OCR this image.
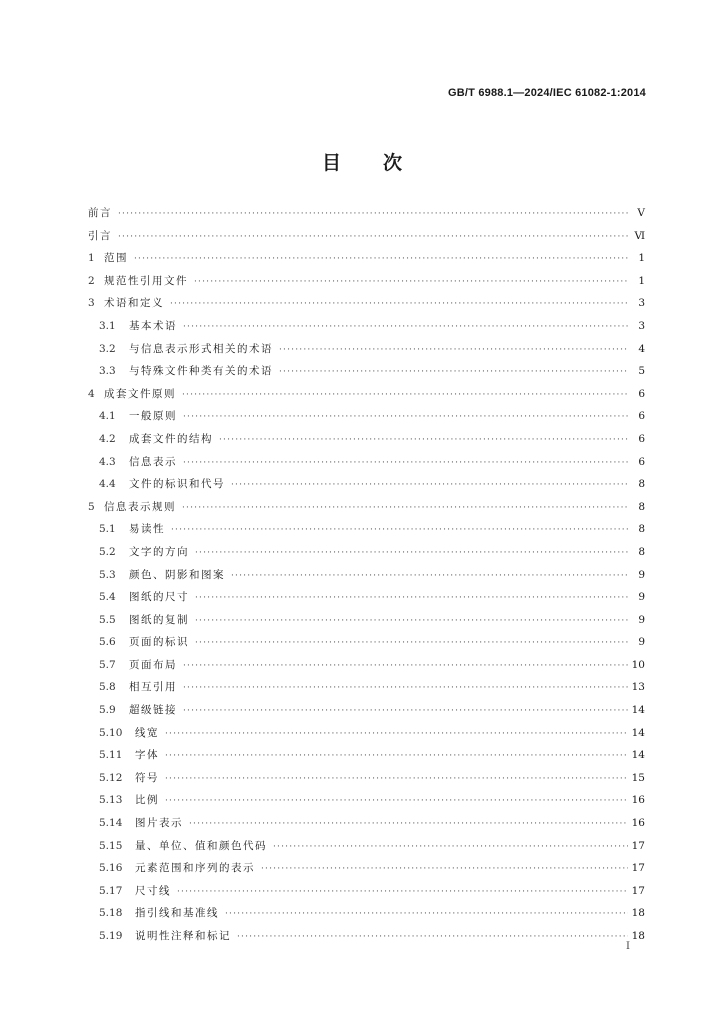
GB/T 6988.1—2024/IEC 61082-1:2014
目 次
前言 ·····	Ⅴ
引言 ·····	Ⅵ
1 范围 ·····	1
2 规范性引用文件 ·····	1
3 术语和定义 ·····	3
3.1	基本术语 ·····	3
3.2	与信息表示形式相关的术语 ·····	4
3.3	与特殊文件种类有关的术语 ·····	5
4 成套文件原则 ·····	6
4.1	一般原则 ·····	6
4.2	成套文件的结构 ·····	6
4.3	信息表示 ·····	6
4.4	文件的标识和代号 ·····	8
5 信息表示规则 ·····	8
5.1	易读性 ·····	8
5.2	文字的方向 ·····	8
5.3	颜色、阴影和图案 ·····	9
5.4	图纸的尺寸 ·····	9
5.5	图纸的复制 ·····	9
5.6	页面的标识 ·····	9
5.7	页面布局 ·····	10
5.8	相互引用 ·····	13
5.9	超级链接 ·····	14
5.10	线宽 ·····	14
5.11	字体 ·····	14
5.12	符号 ·····	15
5.13	比例 ·····	16
5.14	图片表示 ·····	16
5.15	量、单位、值和颜色代码 ·····	17
5.16	元素范围和序列的表示 ·····	17
5.17	尺寸线 ·····	17
5.18	指引线和基准线 ·····	18
5.19	说明性注释和标记 ·····	18
I
